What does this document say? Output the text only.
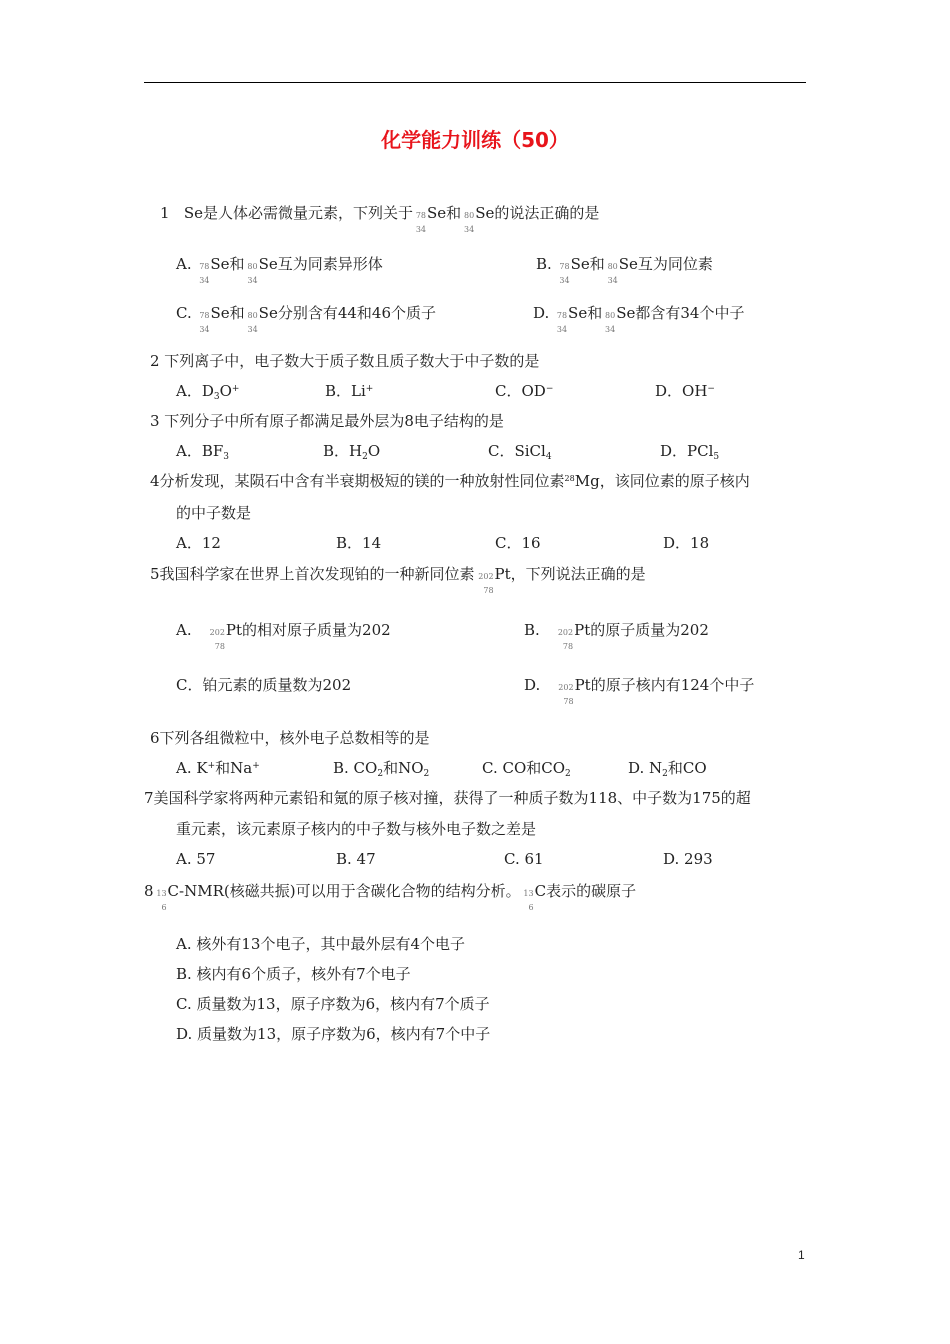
化学能力训练（50）
1 Se是人体必需微量元素，下列关于 78
34
Se和 80
34
Se的说法正确的是
A. 78
34
Se和 80
34
Se互为同素异形体	B. 78
34
Se和 80
34
Se互为同位素
C. 78
34
Se和 80
34
Se分别含有44和46个质子	D. 78
34
Se和 80
34
Se都含有34个中子
2 下列离子中，电子数大于质子数且质子数大于中子数的是
A．$D_3O^+$	B．Li+	C．OD−	D．OH−
3 下列分子中所有原子都满足最外层为8电子结构的是
A．$BF_3$	B．$H_2O$	C．SiCl$_4$	D．PCl$_5$
4分析发现，某陨石中含有半衰期极短的镁的一种放射性同位素$^{28}$Mg，该同位素的原子核内
的中子数是
A．12	B．14	C．16	D．18
5我国科学家在世界上首次发现铂的一种新同位素 202
78
Pt，下列说法正确的是
A. 202
78
Pt的相对原子质量为202	B. 202
78
Pt的原子质量为202
C．铂元素的质量数为202	D. 202
78
Pt的原子核内有124个中子
6下列各组微粒中，核外电子总数相等的是
A. K+和Na+	B. $CO_2$和$NO_2$	C. CO和$CO_2$	D. $N_2$和CO
7美国科学家将两种元素铅和氪的原子核对撞，获得了一种质子数为118、中子数为175的超
重元素，该元素原子核内的中子数与核外电子数之差是
A. 57	B. 47	C. 61	D. 293
8 13
6
C-NMR(核磁共振)可以用于含碳化合物的结构分析。 13
6
C表示的碳原子
A. 核外有13个电子，其中最外层有4个电子
B. 核内有6个质子，核外有7个电子
C. 质量数为13，原子序数为6，核内有7个质子
D. 质量数为13，原子序数为6，核内有7个中子
1
